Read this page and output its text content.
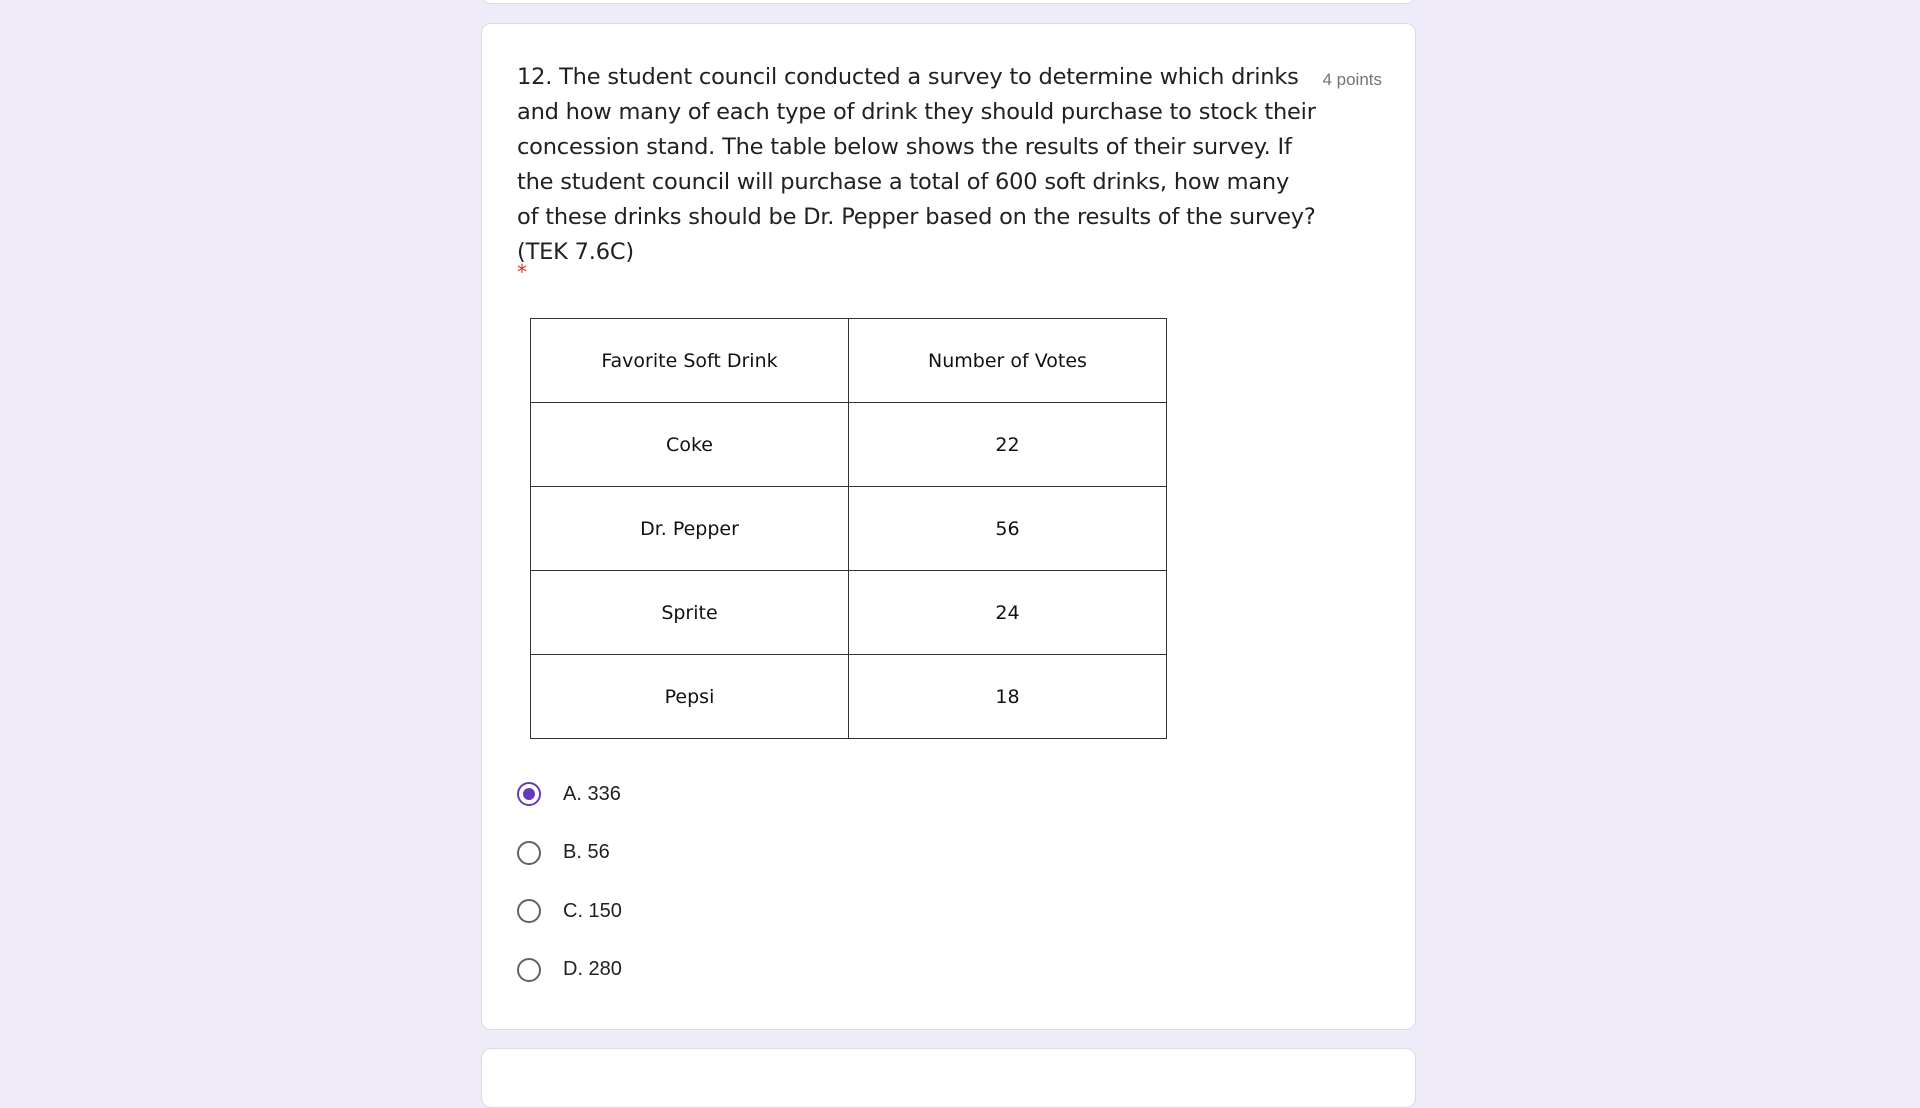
12. The student council conducted a survey to determine which drinks and how many of each type of drink they should purchase to stock their concession stand. The table below shows the results of their survey. If the student council will purchase a total of 600 soft drinks, how many of these drinks should be Dr. Pepper based on the results of the survey? (TEK 7.6C)
4 points
*
Favorite Soft Drink	Number of Votes
Coke	22
Dr. Pepper	56
Sprite	24
Pepsi	18
A. 336
B. 56
C. 150
D. 280
